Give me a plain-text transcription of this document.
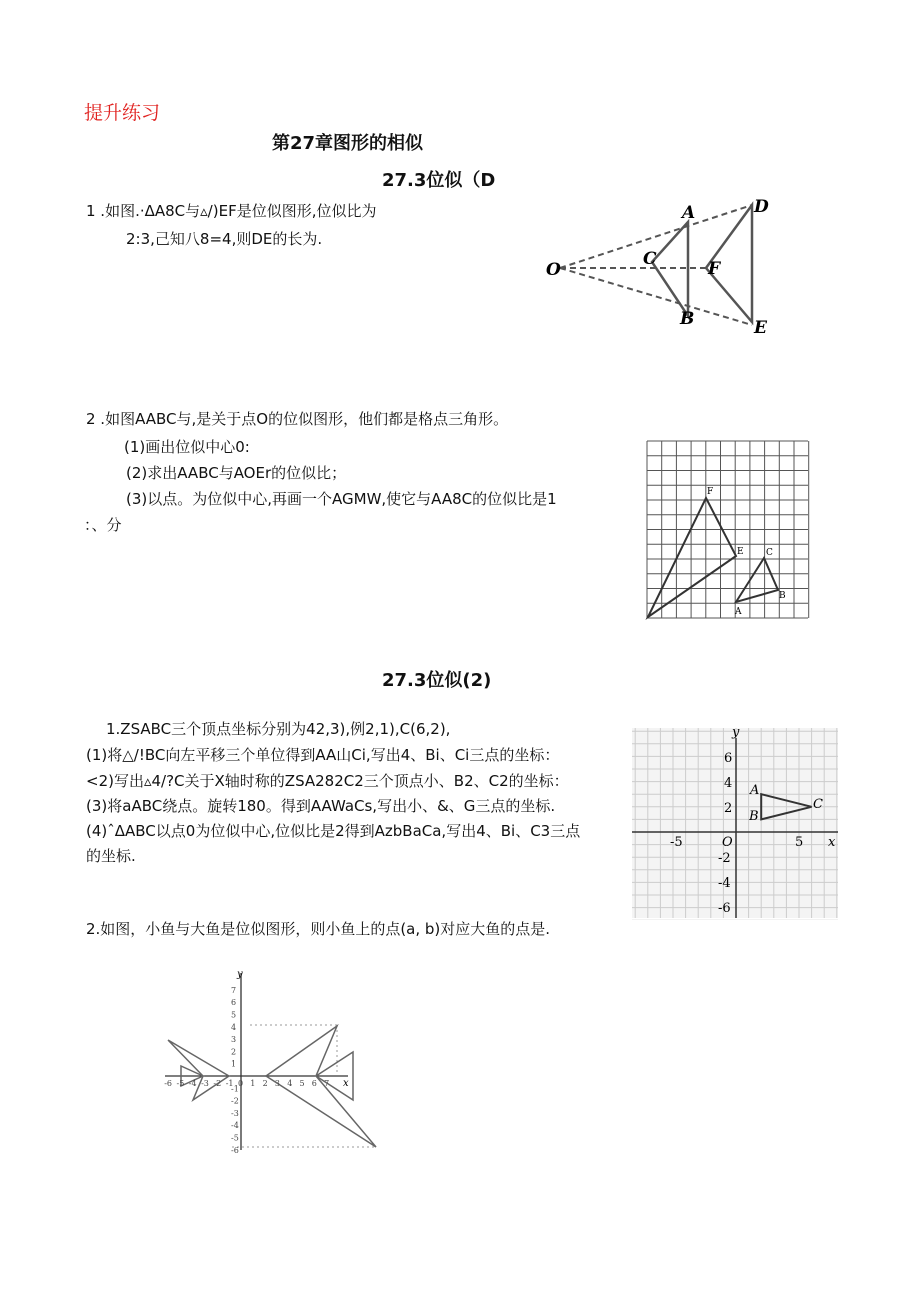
提升练习
第27章图形的相似
27.3位似（D
1 .如图.·ΔA8C与▵/)EF是位似图形,位似比为
2:3,己知八8=4,则DE的长为.
O
A
B
C
D
E
F
2 .如图AABC与,是关于点O的位似图形，他们都是格点三角形。
(1)画出位似中心0:
(2)求出AABC与AOEr的位似比；
(3)以点。为位似中心,再画一个AGMW,使它与AA8C的位似比是1
：、分
F
E C
A
B
27.3位似(2)
1.ZSABC三个顶点坐标分别为42,3),例2,1),C(6,2),
(1)将△/!BC向左平移三个单位得到AA山Ci,写出4、Bi、Ci三点的坐标：
<2)写出▵4/?C关于X轴时称的ZSA282C2三个顶点小、B2、C2的坐标：
(3)将aABC绕点。旋转180。得到AAWaCs,写出小、&、G三点的坐标.
(4)ˆΔABC以点0为位似中心,位似比是2得到AzbBaCa,写出4、Bi、C3三点
的坐标.
-5	5
6
4
2
-2
-4
-6
O	x
y
A
B
C
2.如图，小鱼与大鱼是位似图形，则小鱼上的点(a, b)对应大鱼的点是.
-6 -5 -4 -3 -2 -1 0 1 2 3 4 5 6 7
7
6
5
4
3
2
1
-1
-2
-3
-4
-5
-6
y
x
